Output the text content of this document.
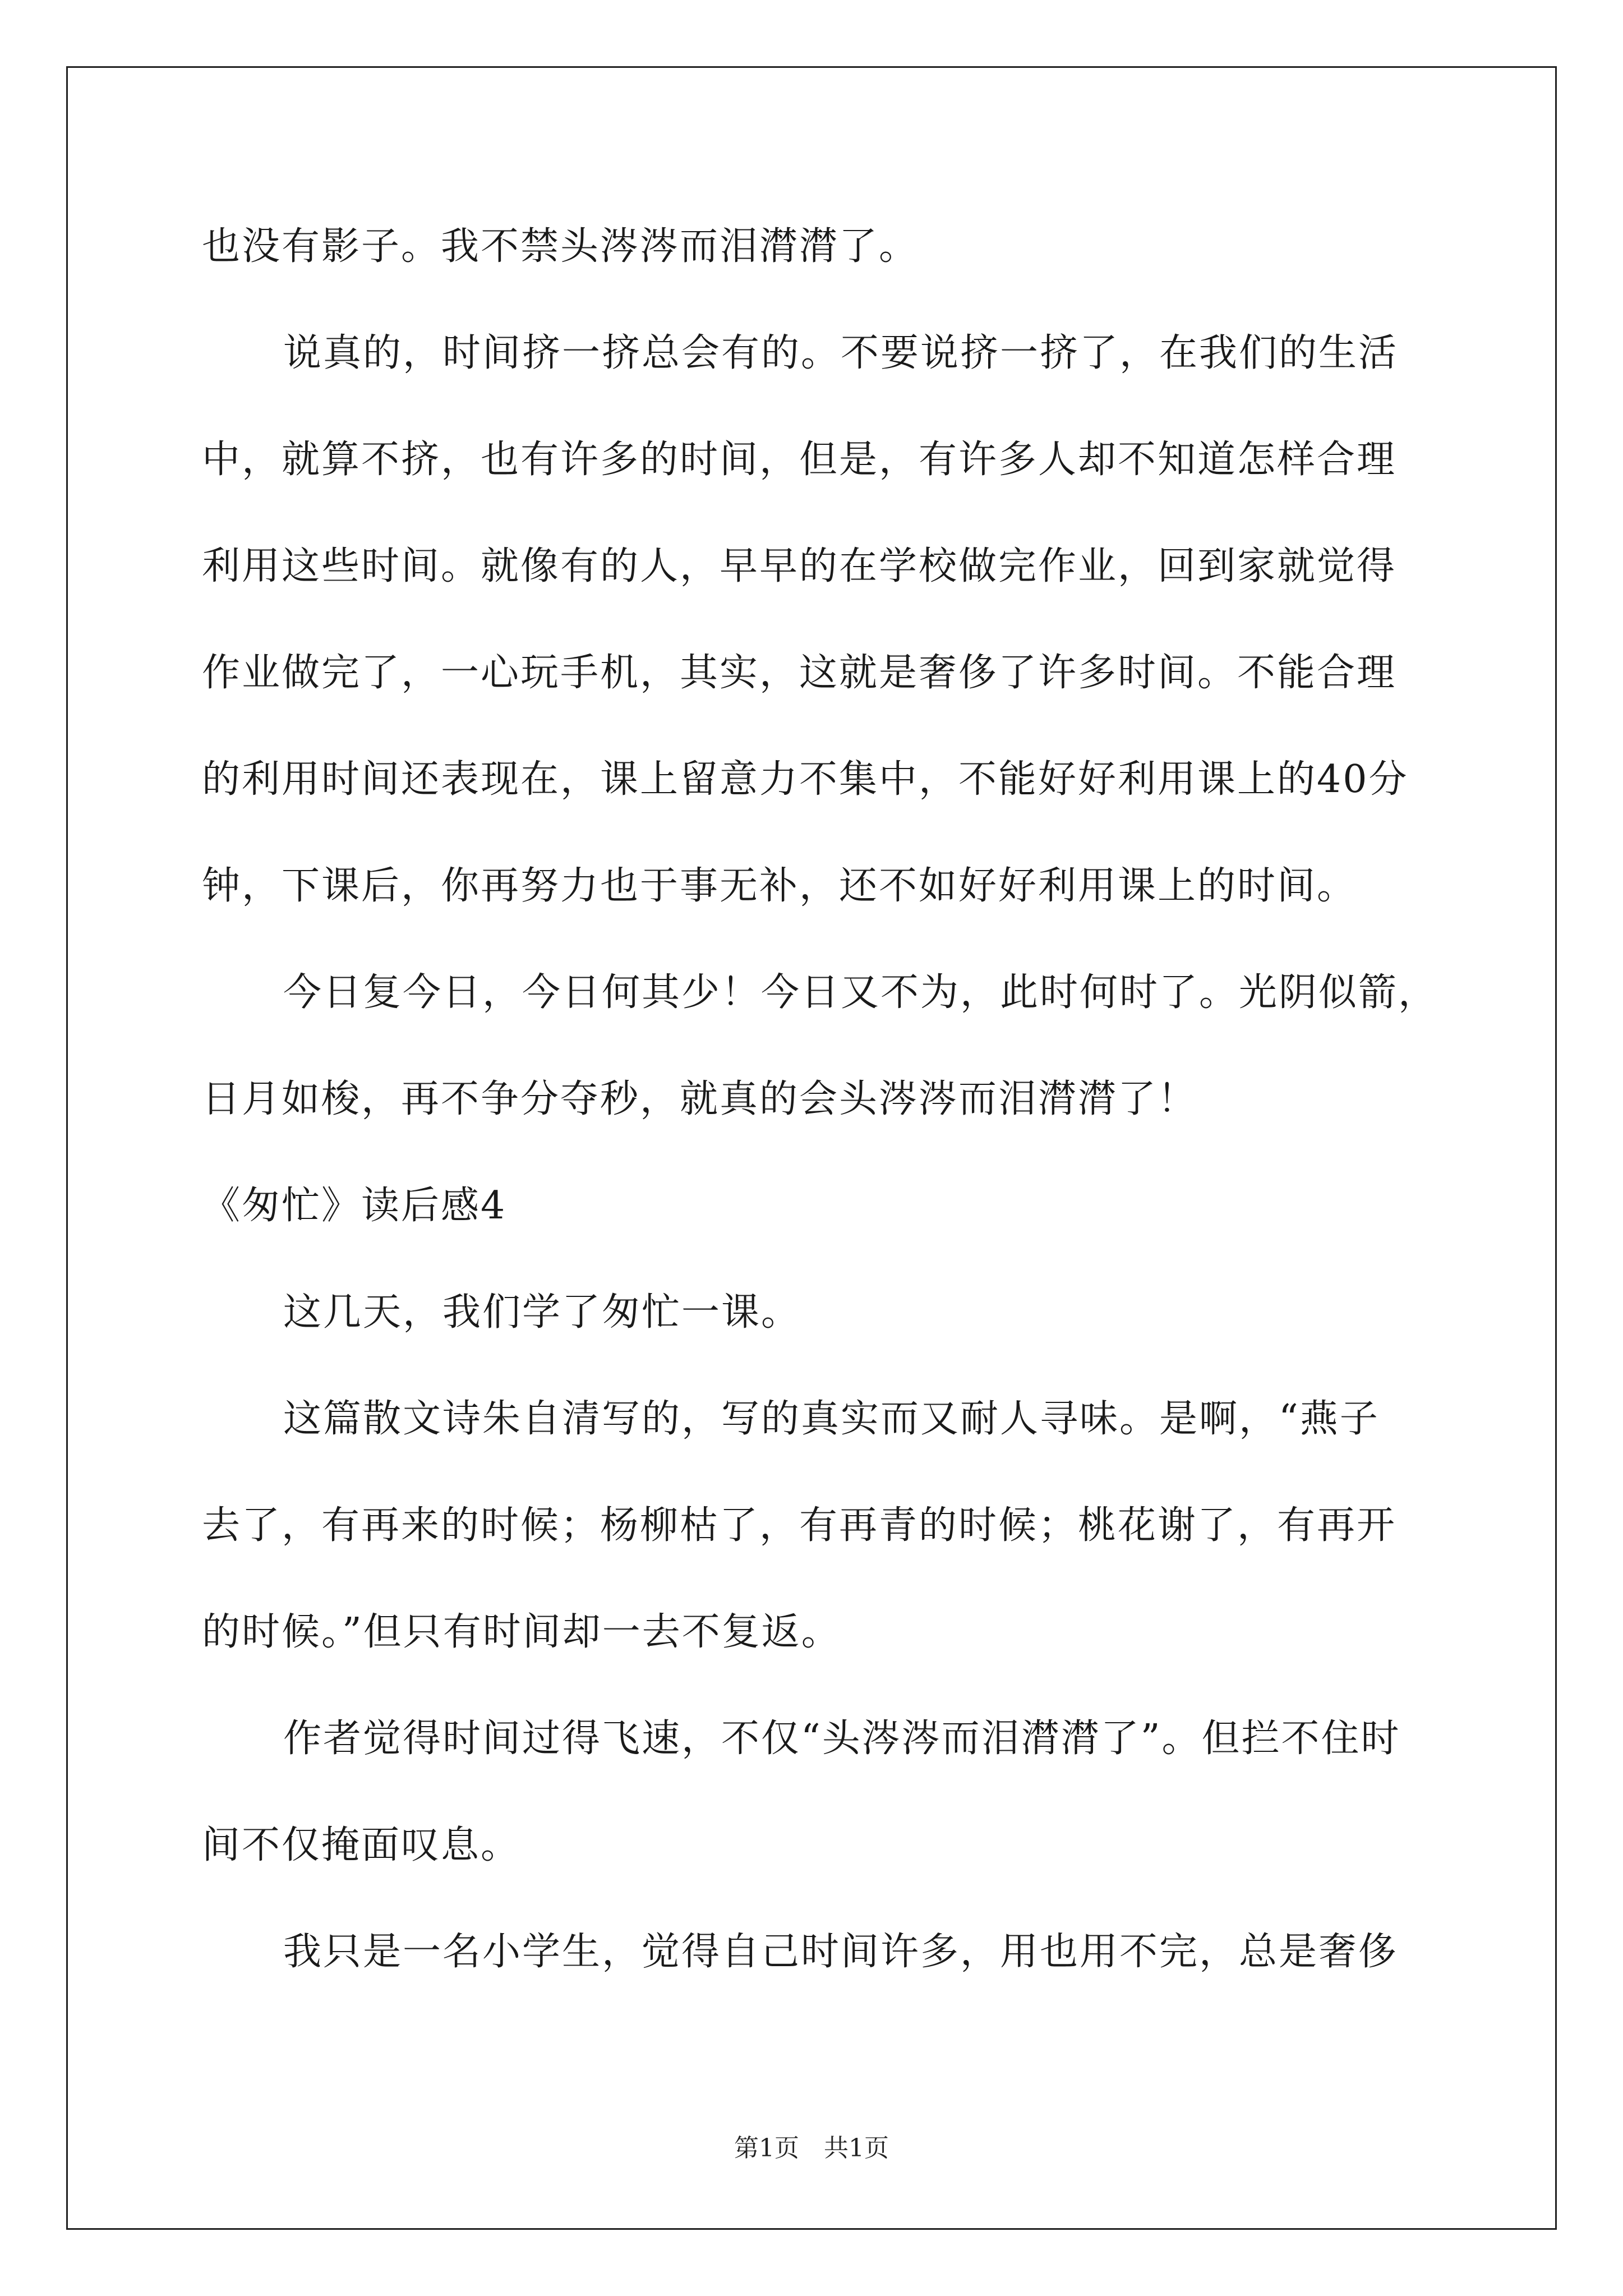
也没有影子。我不禁头涔涔而泪潸潸了。
说真的，时间挤一挤总会有的。不要说挤一挤了，在我们的生活
中，就算不挤，也有许多的时间，但是，有许多人却不知道怎样合理
利用这些时间。就像有的人，早早的在学校做完作业，回到家就觉得
作业做完了，一心玩手机，其实，这就是奢侈了许多时间。不能合理
的利用时间还表现在，课上留意力不集中，不能好好利用课上的40分
钟，下课后，你再努力也于事无补，还不如好好利用课上的时间。
今日复今日，今日何其少！今日又不为，此时何时了。光阴似箭，
日月如梭，再不争分夺秒，就真的会头涔涔而泪潸潸了！
《匆忙》读后感4
这几天，我们学了匆忙一课。
这篇散文诗朱自清写的，写的真实而又耐人寻味。是啊，“燕子
去了，有再来的时候；杨柳枯了，有再青的时候；桃花谢了，有再开
的时候。”但只有时间却一去不复返。
作者觉得时间过得飞速，不仅“头涔涔而泪潸潸了”。但拦不住时
间不仅掩面叹息。
我只是一名小学生，觉得自己时间许多，用也用不完，总是奢侈
第1页　共1页
